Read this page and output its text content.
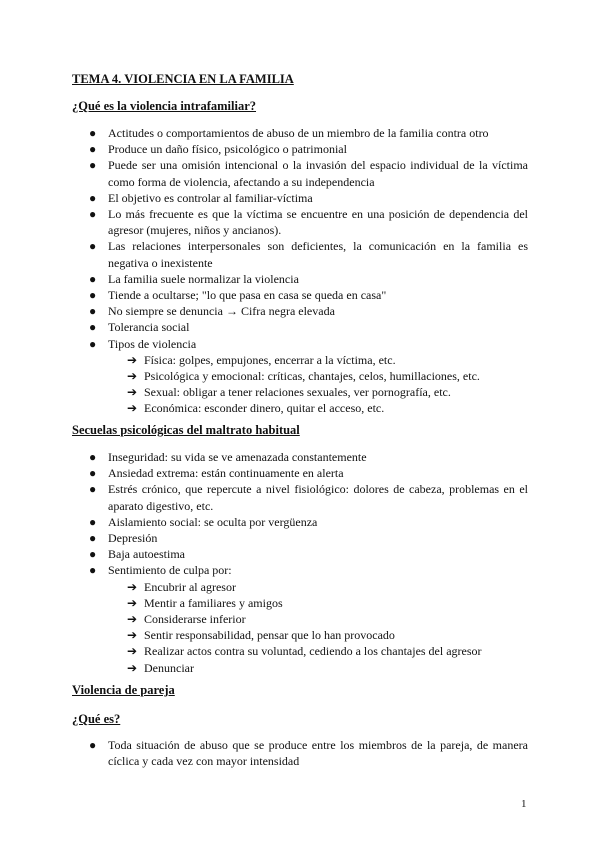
TEMA 4. VIOLENCIA EN LA FAMILIA
¿Qué es la violencia intrafamiliar?
● Actitudes o comportamientos de abuso de un miembro de la familia contra otro
● Produce un daño físico, psicológico o patrimonial
● Puede ser una omisión intencional o la invasión del espacio individual de la víctima como forma de violencia, afectando a su independencia
● El objetivo es controlar al familiar-víctima
● Lo más frecuente es que la víctima se encuentre en una posición de dependencia del agresor (mujeres, niños y ancianos).
● Las relaciones interpersonales son deficientes, la comunicación en la familia es negativa o inexistente
● La familia suele normalizar la violencia
● Tiende a ocultarse; "lo que pasa en casa se queda en casa"
● No siempre se denuncia → Cifra negra elevada
● Tolerancia social
● Tipos de violencia
➔ Física: golpes, empujones, encerrar a la víctima, etc.
➔ Psicológica y emocional: críticas, chantajes, celos, humillaciones, etc.
➔ Sexual: obligar a tener relaciones sexuales, ver pornografía, etc.
➔ Económica: esconder dinero, quitar el acceso, etc.
Secuelas psicológicas del maltrato habitual
● Inseguridad: su vida se ve amenazada constantemente
● Ansiedad extrema: están continuamente en alerta
● Estrés crónico, que repercute a nivel fisiológico: dolores de cabeza, problemas en el aparato digestivo, etc.
● Aislamiento social: se oculta por vergüenza
● Depresión
● Baja autoestima
● Sentimiento de culpa por:
➔ Encubrir al agresor
➔ Mentir a familiares y amigos
➔ Considerarse inferior
➔ Sentir responsabilidad, pensar que lo han provocado
➔ Realizar actos contra su voluntad, cediendo a los chantajes del agresor
➔ Denunciar
Violencia de pareja
¿Qué es?
● Toda situación de abuso que se produce entre los miembros de la pareja, de manera cíclica y cada vez con mayor intensidad
1
